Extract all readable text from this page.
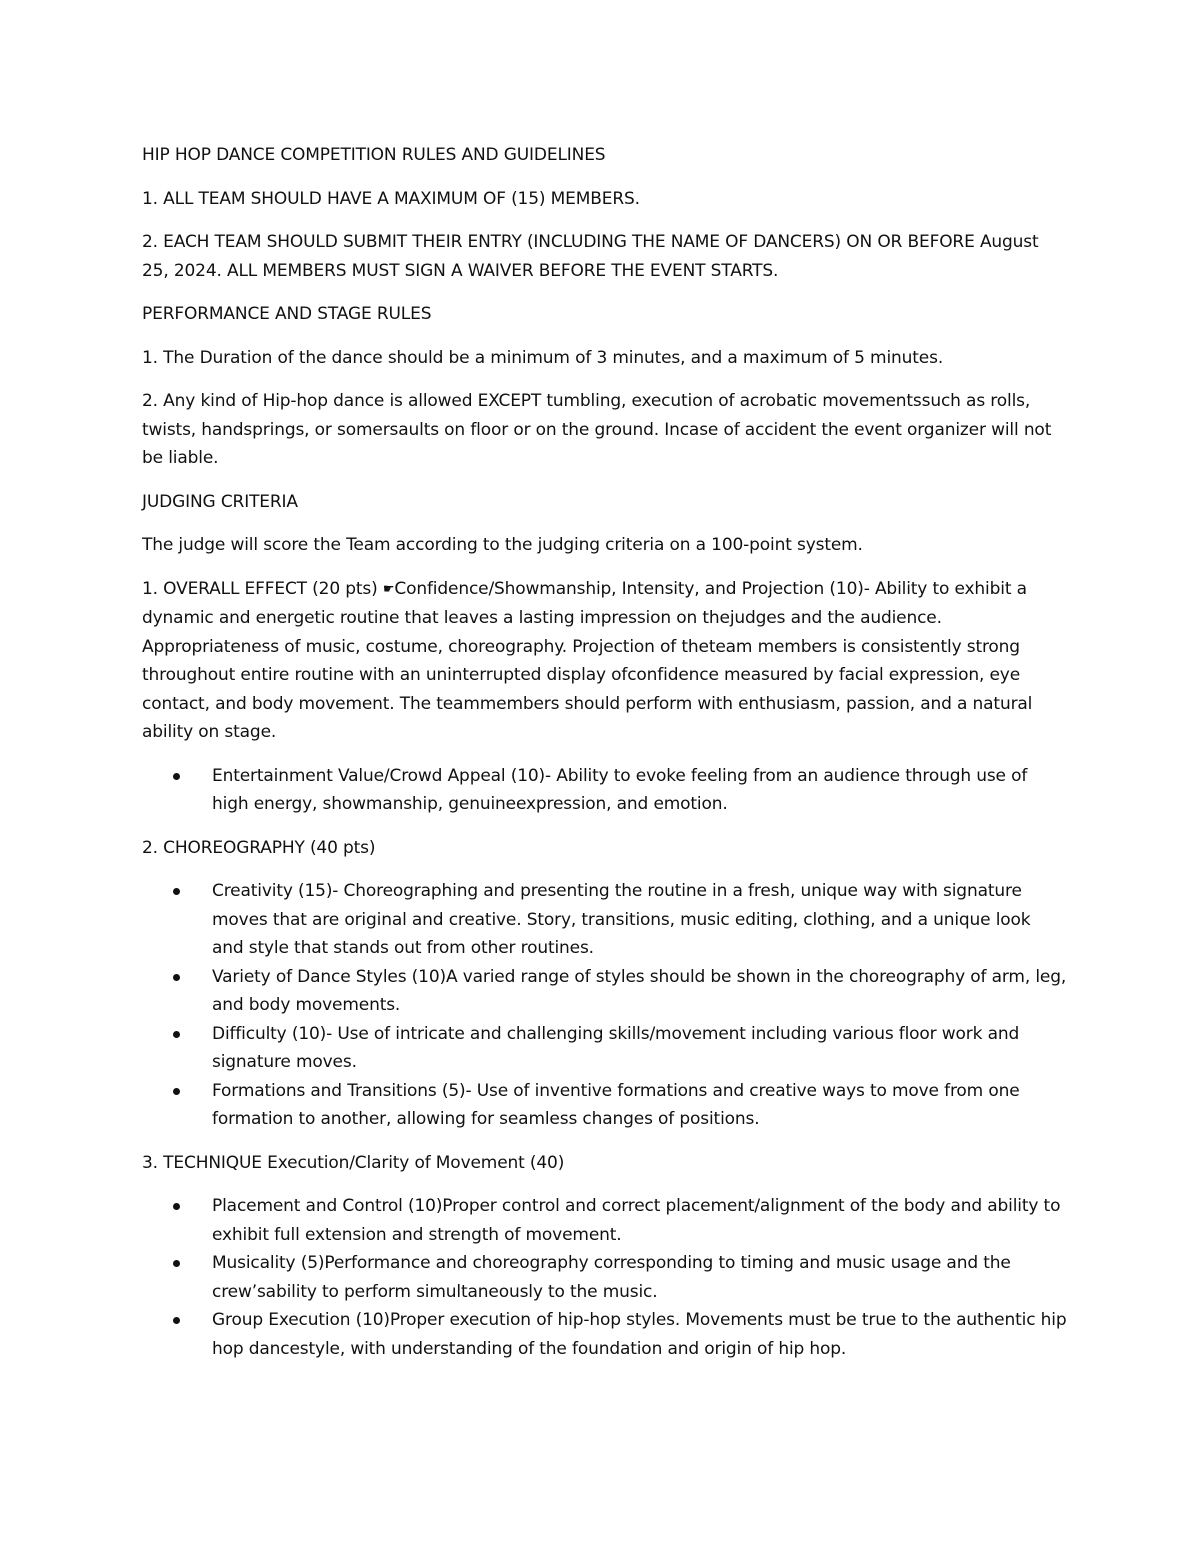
HIP HOP DANCE COMPETITION RULES AND GUIDELINES

1. ALL TEAM SHOULD HAVE A MAXIMUM OF (15) MEMBERS.

2. EACH TEAM SHOULD SUBMIT THEIR ENTRY (INCLUDING THE NAME OF DANCERS) ON OR BEFORE August 25, 2024. ALL MEMBERS MUST SIGN A WAIVER BEFORE THE EVENT STARTS.

PERFORMANCE AND STAGE RULES

1. The Duration of the dance should be a minimum of 3 minutes, and a maximum of 5 minutes.

2. Any kind of Hip-hop dance is allowed EXCEPT tumbling, execution of acrobatic movementssuch as rolls, twists, handsprings, or somersaults on floor or on the ground. Incase of accident the event organizer will not be liable.

JUDGING CRITERIA

The judge will score the Team according to the judging criteria on a 100-point system.

1. OVERALL EFFECT (20 pts) ☛Confidence/Showmanship, Intensity, and Projection (10)- Ability to exhibit a dynamic and energetic routine that leaves a lasting impression on thejudges and the audience. Appropriateness of music, costume, choreography. Projection of theteam members is consistently strong throughout entire routine with an uninterrupted display ofconfidence measured by facial expression, eye contact, and body movement. The teammembers should perform with enthusiasm, passion, and a natural ability on stage.

Entertainment Value/Crowd Appeal (10)- Ability to evoke feeling from an audience through use of high energy, showmanship, genuineexpression, and emotion.

2. CHOREOGRAPHY (40 pts)

Creativity (15)- Choreographing and presenting the routine in a fresh, unique way with signature moves that are original and creative. Story, transitions, music editing, clothing, and a unique look and style that stands out from other routines.
Variety of Dance Styles (10)A varied range of styles should be shown in the choreography of arm, leg, and body movements.
Difficulty (10)- Use of intricate and challenging skills/movement including various floor work and signature moves.
Formations and Transitions (5)- Use of inventive formations and creative ways to move from one formation to another, allowing for seamless changes of positions.

3. TECHNIQUE Execution/Clarity of Movement (40)

Placement and Control (10)Proper control and correct placement/alignment of the body and ability to exhibit full extension and strength of movement.
Musicality (5)Performance and choreography corresponding to timing and music usage and the crew’sability to perform simultaneously to the music.
Group Execution (10)Proper execution of hip-hop styles. Movements must be true to the authentic hip hop dancestyle, with understanding of the foundation and origin of hip hop.
